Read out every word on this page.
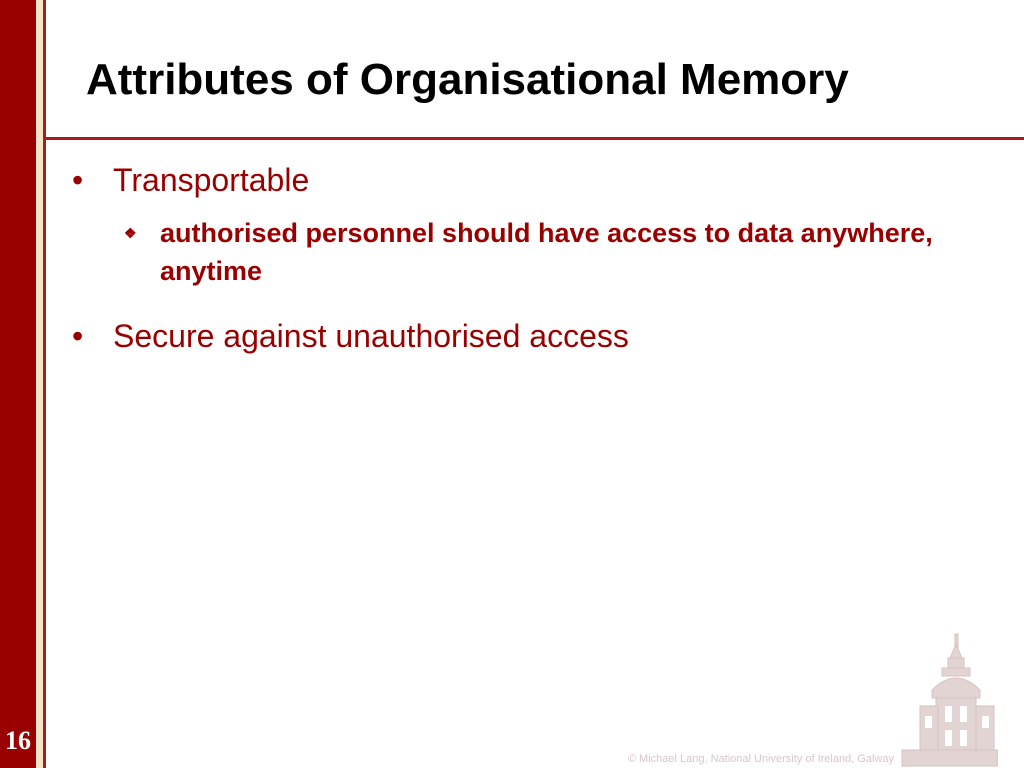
Attributes of Organisational Memory
• Transportable
❖ authorised personnel should have access to data anywhere, anytime
• Secure against unauthorised access
16
© Michael Lang, National University of Ireland, Galway
